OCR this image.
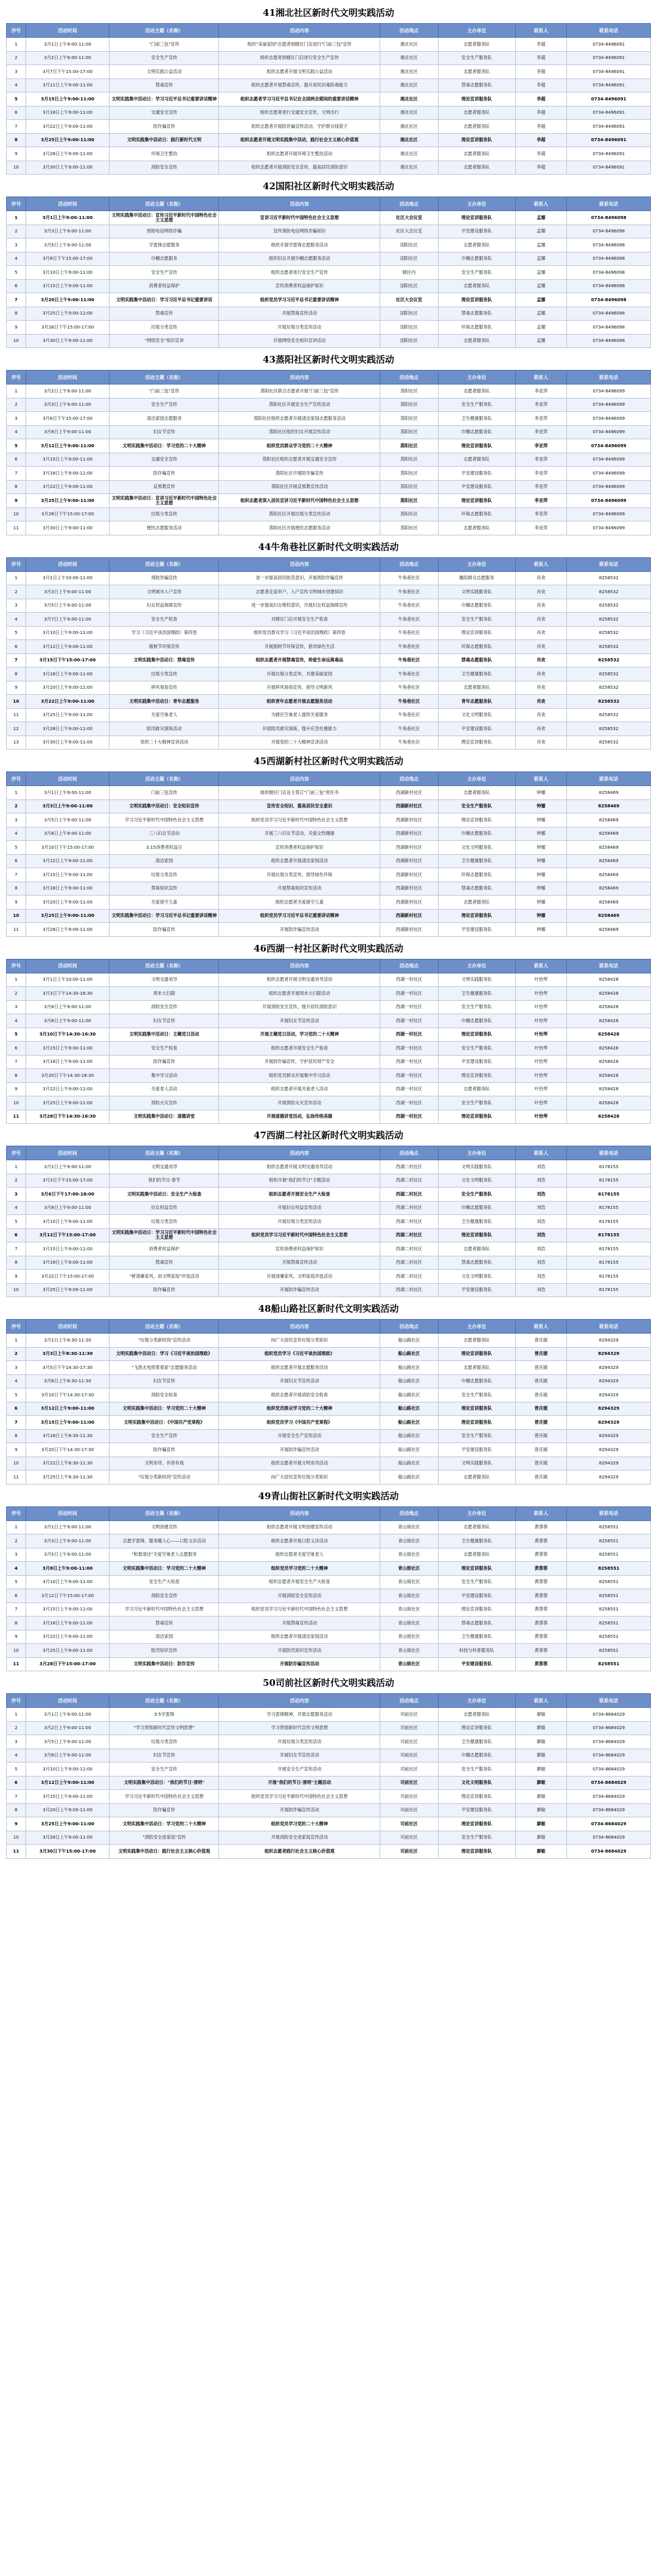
41湘北社区新时代文明实践活动
序号	活动时间	活动主题（名称）	活动内容	活动地点	主办单位	联系人	联系电话
1	3月1日上午9:00-11:00	"门前三包"宣传	组织"美丽家园"志愿者到辖区门店进行"门前三包"宣传	湘北社区	志愿者服务队	李超	0734-8496091
2	3月2日上午9:00-11:00	安全生产宣传	组织志愿者到辖区门店进行安全生产宣传	湘北社区	安全生产服务队	李超	0734-8496091
3	3月7日下午15:00-17:00	文明实践公益活动	组织志愿者开展文明实践公益活动	湘北社区	志愿者服务队	李超	0734-8496091
4	3月11日上午9:00-11:00	禁毒宣传	组织志愿者开展禁毒宣传，提升居民识毒防毒能力	湘北社区	禁毒志愿服务队	李超	0734-8496091
5	3月15日上午9:00-11:00	文明实践集中活动日：学习习近平总书记重要讲话精神	组织志愿者学习习近平总书记在全国两会期间的重要讲话精神	湘北社区	理论宣讲服务队	李超	0734-8496091
6	3月18日上午9:00-11:00	交通安全宣传	组织志愿者进行交通安全宣传，文明出行	湘北社区	志愿者服务队	李超	0734-8496091
7	3月22日上午9:00-11:00	防诈骗宣传	组织志愿者开展防诈骗宣传活动，守护群众钱袋子	湘北社区	志愿者服务队	李超	0734-8496091
8	3月25日上午9:00-11:00	文明实践集中活动日：践行新时代文明	组织志愿者开展文明实践集中活动，践行社会主义核心价值观	湘北社区	理论宣讲服务队	李超	0734-8496091
9	3月28日上午9:00-11:00	环境卫生整治	组织志愿者开展环境卫生整治活动	湘北社区	志愿者服务队	李超	0734-8496091
10	3月30日上午9:00-11:00	消防安全宣传	组织志愿者开展消防安全宣传，提高居民消防意识	湘北社区	志愿者服务队	李超	0734-8496091
42国阳社区新时代文明实践活动
序号	活动时间	活动主题（名称）	活动内容	活动地点	主办单位	联系人	联系电话
1	3月1日上午9:00-11:00	文明实践集中活动日：宣传习近平新时代中国特色社会主义思想	宣讲习近平新时代中国特色社会主义思想	社区大会议室	理论宣讲服务队	孟娜	0734-8496098
2	3月3日上午9:00-11:00	预防电信网络诈骗	宣传预防电信网络诈骗知识	社区大会议室	平安建设服务队	孟娜	0734-8496098
3	3月5日上午9:00-11:00	学雷锋志愿服务	组织开展学雷锋志愿服务活动	国阳社区	志愿者服务队	孟娜	0734-8496098
4	3月8日下午15:00-17:00	巾帼志愿服务	组织妇女开展巾帼志愿服务活动	国阳社区	巾帼志愿服务队	孟娜	0734-8496098
5	3月10日上午9:00-11:00	安全生产宣传	组织志愿者进行安全生产宣传	辖区内	安全生产服务队	孟娜	0734-8496098
6	3月15日上午9:00-11:00	消费者权益保护	宣传消费者权益保护知识	国阳社区	志愿者服务队	孟娜	0734-8496098
7	3月20日上午9:00-11:00	文明实践集中活动日：学习习近平总书记重要讲话	组织党员学习习近平总书记重要讲话精神	社区大会议室	理论宣讲服务队	孟娜	0734-8496098
8	3月25日上午9:00-11:00	禁毒宣传	开展禁毒宣传活动	国阳社区	禁毒志愿服务队	孟娜	0734-8496098
9	3月28日下午15:00-17:00	垃圾分类宣传	开展垃圾分类宣传活动	国阳社区	环保志愿服务队	孟娜	0734-8496098
10	3月30日上午9:00-11:00	"网络安全"知识宣讲	开展网络安全知识宣讲活动	国阳社区	志愿者服务队	孟娜	0734-8496098
43蒸阳社区新时代文明实践活动
序号	活动时间	活动主题（名称）	活动内容	活动地点	主办单位	联系人	联系电话
1	3月2日上午9:00-11:00	"门前三包"宣传	蒸阳社区联合志愿者开展"门前三包"宣传	蒸阳社区	志愿者服务队	李亚萍	0734-8496099
2	3月3日上午9:00-11:00	安全生产宣传	蒸阳社区开展安全生产宣传活动	蒸阳社区	安全生产服务队	李亚萍	0734-8496099
3	3月6日下午15:00-17:00	清洁家园志愿服务	蒸阳社区组织志愿者开展清洁家园志愿服务活动	蒸阳社区	卫生健康服务队	李亚萍	0734-8496099
4	3月8日上午9:00-11:00	妇女节宣传	蒸阳社区组织妇女开展宣传活动	蒸阳社区	巾帼志愿服务队	李亚萍	0734-8496099
5	3月12日上午9:00-11:00	文明实践集中活动日：学习党的二十大精神	组织党员群众学习党的二十大精神	蒸阳社区	理论宣讲服务队	李亚萍	0734-8496099
6	3月15日上午9:00-11:00	交通安全宣传	蒸阳社区组织志愿者开展交通安全宣传	蒸阳社区	志愿者服务队	李亚萍	0734-8496099
7	3月18日上午9:00-11:00	防诈骗宣传	蒸阳社区开展防诈骗宣传	蒸阳社区	平安建设服务队	李亚萍	0734-8496099
8	3月22日上午9:00-11:00	反邪教宣传	蒸阳社区开展反邪教宣传活动	蒸阳社区	平安建设服务队	李亚萍	0734-8496099
9	3月25日上午9:00-11:00	文明实践集中活动日：宣讲习近平新时代中国特色社会主义思想	组织志愿者深入居民宣讲习近平新时代中国特色社会主义思想	蒸阳社区	理论宣讲服务队	李亚萍	0734-8496099
10	3月28日下午15:00-17:00	垃圾分类宣传	蒸阳社区开展垃圾分类宣传活动	蒸阳社区	环保志愿服务队	李亚萍	0734-8496099
11	3月30日上午9:00-11:00	便民志愿服务活动	蒸阳社区开展便民志愿服务活动	蒸阳社区	志愿者服务队	李亚萍	0734-8496099
44牛角巷社区新时代文明实践活动
序号	活动时间	活动主题（名称）	活动内容	活动地点	主办单位	联系人	联系电话
1	3月1日上午10:00-11:00	预防诈骗宣传	进一步提高居民防范意识，开展预防诈骗宣传	牛角巷社区	衡阳群众志愿服务	肖欢	8258532
2	3月3日上午9:00-11:00	文明城市入户宣传	志愿者走家串户，入户宣传文明城市创建知识	牛角巷社区	文明实践服务队	肖欢	8258532
3	3月5日上午9:00-11:00	妇女权益保障宣传	进一步提高妇女维权意识，开展妇女权益保障宣传	牛角巷社区	巾帼志愿服务队	肖欢	8258532
4	3月7日上午9:00-11:00	安全生产检查	对辖区门店开展安全生产检查	牛角巷社区	安全生产服务队	肖欢	8258532
5	3月10日上午9:00-11:00	学习《习近平谈治国理政》第四卷	组织党员群众学习《习近平谈治国理政》第四卷	牛角巷社区	理论宣讲服务队	肖欢	8258532
6	3月12日上午9:00-11:00	植树节环保宣传	开展植树节环保宣传，倡导绿色生活	牛角巷社区	环保志愿服务队	肖欢	8258532
7	3月15日下午15:00-17:00	文明实践集中活动日：禁毒宣传	组织志愿者开展禁毒宣传，珍爱生命远离毒品	牛角巷社区	禁毒志愿服务队	肖欢	8258532
8	3月18日上午9:00-11:00	垃圾分类宣传	开展垃圾分类宣传，共建美丽家园	牛角巷社区	卫生健康服务队	肖欢	8258532
9	3月20日上午9:00-11:00	移风易俗宣传	开展移风易俗宣传，倡导文明新风	牛角巷社区	志愿者服务队	肖欢	8258532
10	3月22日上午9:00-11:00	文明实践集中活动日：青年志愿服务	组织青年志愿者开展志愿服务活动	牛角巷社区	青年志愿服务队	肖欢	8258532
11	3月25日上午9:00-11:00	关爱空巢老人	为辖区空巢老人提供关爱服务	牛角巷社区	文化文明服务队	肖欢	8258532
12	3月28日上午9:00-11:00	防汛救灾演练活动	开展防汛救灾演练，提升应急处置能力	牛角巷社区	平安建设服务队	肖欢	8258532
13	3月30日上午9:00-11:00	党的二十大精神宣讲活动	开展党的二十大精神宣讲活动	牛角巷社区	理论宣讲服务队	肖欢	8258532
45西湖新村社区新时代文明实践活动
序号	活动时间	活动主题（名称）	活动内容	活动地点	主办单位	联系人	联系电话
1	3月1日上午9:00-11:00	门前三包宣传	组织辖区门店业主签订"门前三包"责任书	西湖新村社区	志愿者服务队	钟娜	8258469
2	3月3日上午9:00-11:00	文明实践集中活动日：安全知识宣传	宣传安全知识，提高居民安全意识	西湖新村社区	安全生产服务队	钟娜	8258469
3	3月5日上午9:00-11:00	学习习近平新时代中国特色社会主义思想	组织党员学习习近平新时代中国特色社会主义思想	西湖新村社区	理论宣讲服务队	钟娜	8258469
4	3月8日上午9:00-11:00	三八妇女节活动	开展三八妇女节活动，关爱女性健康	西湖新村社区	巾帼志愿服务队	钟娜	8258469
5	3月10日下午15:00-17:00	3.15消费者权益日	宣传消费者权益保护知识	西湖新村社区	文化文明服务队	钟娜	8258469
6	3月12日上午9:00-11:00	清洁家园	组织志愿者开展清洁家园活动	西湖新村社区	卫生健康服务队	钟娜	8258469
7	3月15日上午9:00-11:00	垃圾分类宣传	开展垃圾分类宣传，倡导绿色环保	西湖新村社区	环保志愿服务队	钟娜	8258469
8	3月18日上午9:00-11:00	禁毒知识宣传	开展禁毒知识宣传活动	西湖新村社区	禁毒志愿服务队	钟娜	8258469
9	3月20日上午9:00-11:00	关爱留守儿童	组织志愿者关爱留守儿童	西湖新村社区	志愿者服务队	钟娜	8258469
10	3月25日上午9:00-11:00	文明实践集中活动日：学习习近平总书记重要讲话精神	组织党员学习习近平总书记重要讲话精神	西湖新村社区	理论宣讲服务队	钟娜	8258469
11	3月28日上午9:00-11:00	防诈骗宣传	开展防诈骗宣传活动	西湖新村社区	平安建设服务队	钟娜	8258469
46西湖一村社区新时代文明实践活动
序号	活动时间	活动主题（名称）	活动内容	活动地点	主办单位	联系人	联系电话
1	3月1日上午10:00-11:00	文明交通劝导	组织志愿者开展文明交通劝导活动	西湖一村社区	文明实践服务队	叶怡琴	8258428
2	3月3日下午14:30-16:30	周末大扫除	组织志愿者开展周末大扫除活动	西湖一村社区	卫生健康服务队	叶怡琴	8258428
3	3月6日上午9:00-11:00	消防安全宣传	开展消防安全宣传，提升居民消防意识	西湖一村社区	安全生产服务队	叶怡琴	8258428
4	3月8日上午9:00-11:00	妇女节宣传	开展妇女节宣传活动	西湖一村社区	巾帼志愿服务队	叶怡琴	8258428
5	3月10日下午14:30-16:30	文明实践集中活动日：主题党日活动	开展主题党日活动，学习党的二十大精神	西湖一村社区	理论宣讲服务队	叶怡琴	8258428
6	3月15日上午9:00-11:00	安全生产检查	组织志愿者开展安全生产检查	西湖一村社区	安全生产服务队	叶怡琴	8258428
7	3月18日上午9:00-11:00	防诈骗宣传	开展防诈骗宣传，守护居民财产安全	西湖一村社区	平安建设服务队	叶怡琴	8258428
8	3月20日下午14:30-16:30	集中学习活动	组织党员群众开展集中学习活动	西湖一村社区	理论宣讲服务队	叶怡琴	8258428
9	3月22日上午9:00-11:00	关爱老人活动	组织志愿者开展关爱老人活动	西湖一村社区	志愿者服务队	叶怡琴	8258428
10	3月25日上午9:00-11:00	预防火灾宣传	开展预防火灾宣传活动	西湖一村社区	安全生产服务队	叶怡琴	8258428
11	3月28日下午14:30-16:30	文明实践集中活动日：道德讲堂	开展道德讲堂活动，弘扬传统美德	西湖一村社区	理论宣讲服务队	叶怡琴	8258428
47西湖二村社区新时代文明实践活动
序号	活动时间	活动主题（名称）	活动内容	活动地点	主办单位	联系人	联系电话
1	3月1日上午9:00-11:00	文明交通劝导	组织志愿者开展文明交通劝导活动	西湖二村社区	文明实践服务队	刘浩	8178155
2	3月3日下午15:00-17:00	我们的节日·春节	组织开展"我们的节日"主题活动	西湖二村社区	文化文明服务队	刘浩	8178155
3	3月6日下午17:00-18:00	文明实践集中活动日：安全生产大检查	组织志愿者开展安全生产大检查	西湖二村社区	安全生产服务队	刘浩	8178155
4	3月8日上午9:00-11:00	妇女权益宣传	开展妇女权益宣传活动	西湖二村社区	巾帼志愿服务队	刘浩	8178155
5	3月10日上午9:00-11:00	垃圾分类宣传	开展垃圾分类宣传活动	西湖二村社区	卫生健康服务队	刘浩	8178155
6	3月12日下午15:00-17:00	文明实践集中活动日：学习习近平新时代中国特色社会主义思想	组织党员学习习近平新时代中国特色社会主义思想	西湖二村社区	理论宣讲服务队	刘浩	8178155
7	3月15日上午9:00-11:00	消费者权益保护	宣传消费者权益保护知识	西湖二村社区	志愿者服务队	刘浩	8178155
8	3月18日上午9:00-11:00	禁毒宣传	开展禁毒宣传活动	西湖二村社区	禁毒志愿服务队	刘浩	8178155
9	3月22日下午15:00-17:00	"树清廉家风，创文明家庭"评选活动	开展清廉家风、文明家庭评选活动	西湖二村社区	文化文明服务队	刘浩	8178155
10	3月25日上午9:00-11:00	防诈骗宣传	开展防诈骗宣传活动	西湖二村社区	平安建设服务队	刘浩	8178155
48船山路社区新时代文明实践活动
序号	活动时间	活动主题（名称）	活动内容	活动地点	主办单位	联系人	联系电话
1	3月1日上午8:30-11:30	"垃圾分类新时尚"宣传活动	向广大居民宣传垃圾分类知识	船山路社区	志愿者服务队	曾庆媛	8294329
2	3月3日上午8:30-11:30	文明实践集中活动日：学习《习近平谈治国理政》	组织党员学习《习近平谈治国理政》	船山路社区	理论宣讲服务队	曾庆媛	8294329
3	3月5日下午14:30-17:30	"飞鸽无电照着看家"志愿服务活动	组织志愿者开展志愿服务活动	船山路社区	志愿者服务队	曾庆媛	8294329
4	3月8日上午8:30-11:30	妇女节宣传	开展妇女节宣传活动	船山路社区	巾帼志愿服务队	曾庆媛	8294329
5	3月10日下午14:30-17:30	消防安全检查	组织志愿者开展消防安全检查	船山路社区	安全生产服务队	曾庆媛	8294329
6	3月12日上午9:00-11:00	文明实践集中活动日：学习党的二十大精神	组织党员群众学习党的二十大精神	船山路社区	理论宣讲服务队	曾庆媛	8294329
7	3月15日上午9:00-11:00	文明实践集中活动日：《中国共产党章程》	组织党员学习《中国共产党章程》	船山路社区	理论宣讲服务队	曾庆媛	8294329
8	3月18日上午8:30-11:30	安全生产宣传	开展安全生产宣传活动	船山路社区	安全生产服务队	曾庆媛	8294329
9	3月20日下午14:30-17:30	防诈骗宣传	开展防诈骗宣传活动	船山路社区	平安建设服务队	曾庆媛	8294329
10	3月22日上午8:30-11:30	文明劝导、有你有我	组织志愿者开展文明劝导活动	船山路社区	文明实践服务队	曾庆媛	8294329
11	3月25日上午8:30-11:30	"垃圾分类新时尚"宣传活动	向广大居民宣传垃圾分类知识	船山路社区	志愿者服务队	曾庆媛	8294329
49青山街社区新时代文明实践活动
序号	活动时间	活动主题（名称）	活动内容	活动地点	主办单位	联系人	联系电话
1	3月1日上午9:00-11:00	文明创建宣传	组织志愿者开展文明创建宣传活动	青山街社区	志愿者服务队	黄蓉蓉	8258551
2	3月3日上午9:00-11:00	志愿学雷锋，服务暖人心——口腔义诊活动	组织志愿者开展口腔义诊活动	青山街社区	卫生健康服务队	黄蓉蓉	8258551
3	3月5日上午9:00-11:00	"和谐清洁"关爱空巢老人志愿服务	组织志愿者关爱空巢老人	青山街社区	志愿者服务队	黄蓉蓉	8258551
4	3月8日上午9:00-11:00	文明实践集中活动日：学习党的二十大精神	组织党员学习党的二十大精神	青山街社区	理论宣讲服务队	黄蓉蓉	8258551
5	3月10日上午9:00-11:00	安全生产大检查	组织志愿者开展安全生产大检查	青山街社区	安全生产服务队	黄蓉蓉	8258551
6	3月12日下午15:00-17:00	消防安全宣传	开展消防安全宣传活动	青山街社区	平安建设服务队	黄蓉蓉	8258551
7	3月15日上午9:00-11:00	学习习近平新时代中国特色社会主义思想	组织党员学习习近平新时代中国特色社会主义思想	青山街社区	理论宣讲服务队	黄蓉蓉	8258551
8	3月18日上午9:00-11:00	禁毒宣传	开展禁毒宣传活动	青山街社区	禁毒志愿服务队	黄蓉蓉	8258551
9	3月22日上午9:00-11:00	清洁家园	组织志愿者开展清洁家园活动	青山街社区	卫生健康服务队	黄蓉蓉	8258551
10	3月25日上午9:00-11:00	防汛知识宣传	开展防汛知识宣传活动	青山街社区	科技与科普服务队	黄蓉蓉	8258551
11	3月28日下午15:00-17:00	文明实践集中活动日：防诈宣传	开展防诈骗宣传活动	青山街社区	平安建设服务队	黄蓉蓉	8258551
50司前社区新时代文明实践活动
序号	活动时间	活动主题（名称）	活动内容	活动地点	主办单位	联系人	联系电话
1	3月1日上午9:00-11:00	3·5学雷锋	学习雷锋精神，开展志愿服务活动	司前社区	志愿者服务队	廖敏	0734-8684029
2	3月2日上午9:00-11:00	"学习贯彻新时代宣传文明思想"	学习贯彻新时代宣传文明思想	司前社区	理论宣讲服务队	廖敏	0734-8684029
3	3月5日上午9:00-11:00	垃圾分类宣传	开展垃圾分类宣传活动	司前社区	卫生健康服务队	廖敏	0734-8684029
4	3月8日上午9:00-11:00	妇女节宣传	开展妇女节宣传活动	司前社区	巾帼志愿服务队	廖敏	0734-8684029
5	3月10日上午9:00-11:00	安全生产宣传	开展安全生产宣传活动	司前社区	安全生产服务队	廖敏	0734-8684029
6	3月12日上午9:00-11:00	文明实践集中活动日："我们的节日·清明"	开展"我们的节日·清明"主题活动	司前社区	文化文明服务队	廖敏	0734-8684029
7	3月15日上午9:00-11:00	学习习近平新时代中国特色社会主义思想	组织党员学习习近平新时代中国特色社会主义思想	司前社区	理论宣讲服务队	廖敏	0734-8684029
8	3月20日上午9:00-11:00	防诈骗宣传	开展防诈骗宣传活动	司前社区	平安建设服务队	廖敏	0734-8684029
9	3月25日上午9:00-11:00	文明实践集中活动日：学习党的二十大精神	组织党员学习党的二十大精神	司前社区	理论宣讲服务队	廖敏	0734-8684029
10	3月28日上午9:00-11:00	"消防安全进家庭"宣传	开展消防安全进家庭宣传活动	司前社区	安全生产服务队	廖敏	0734-8684029
11	3月30日下午15:00-17:00	文明实践集中活动日：践行社会主义核心价值观	组织志愿者践行社会主义核心价值观	司前社区	理论宣讲服务队	廖敏	0734-8684029
